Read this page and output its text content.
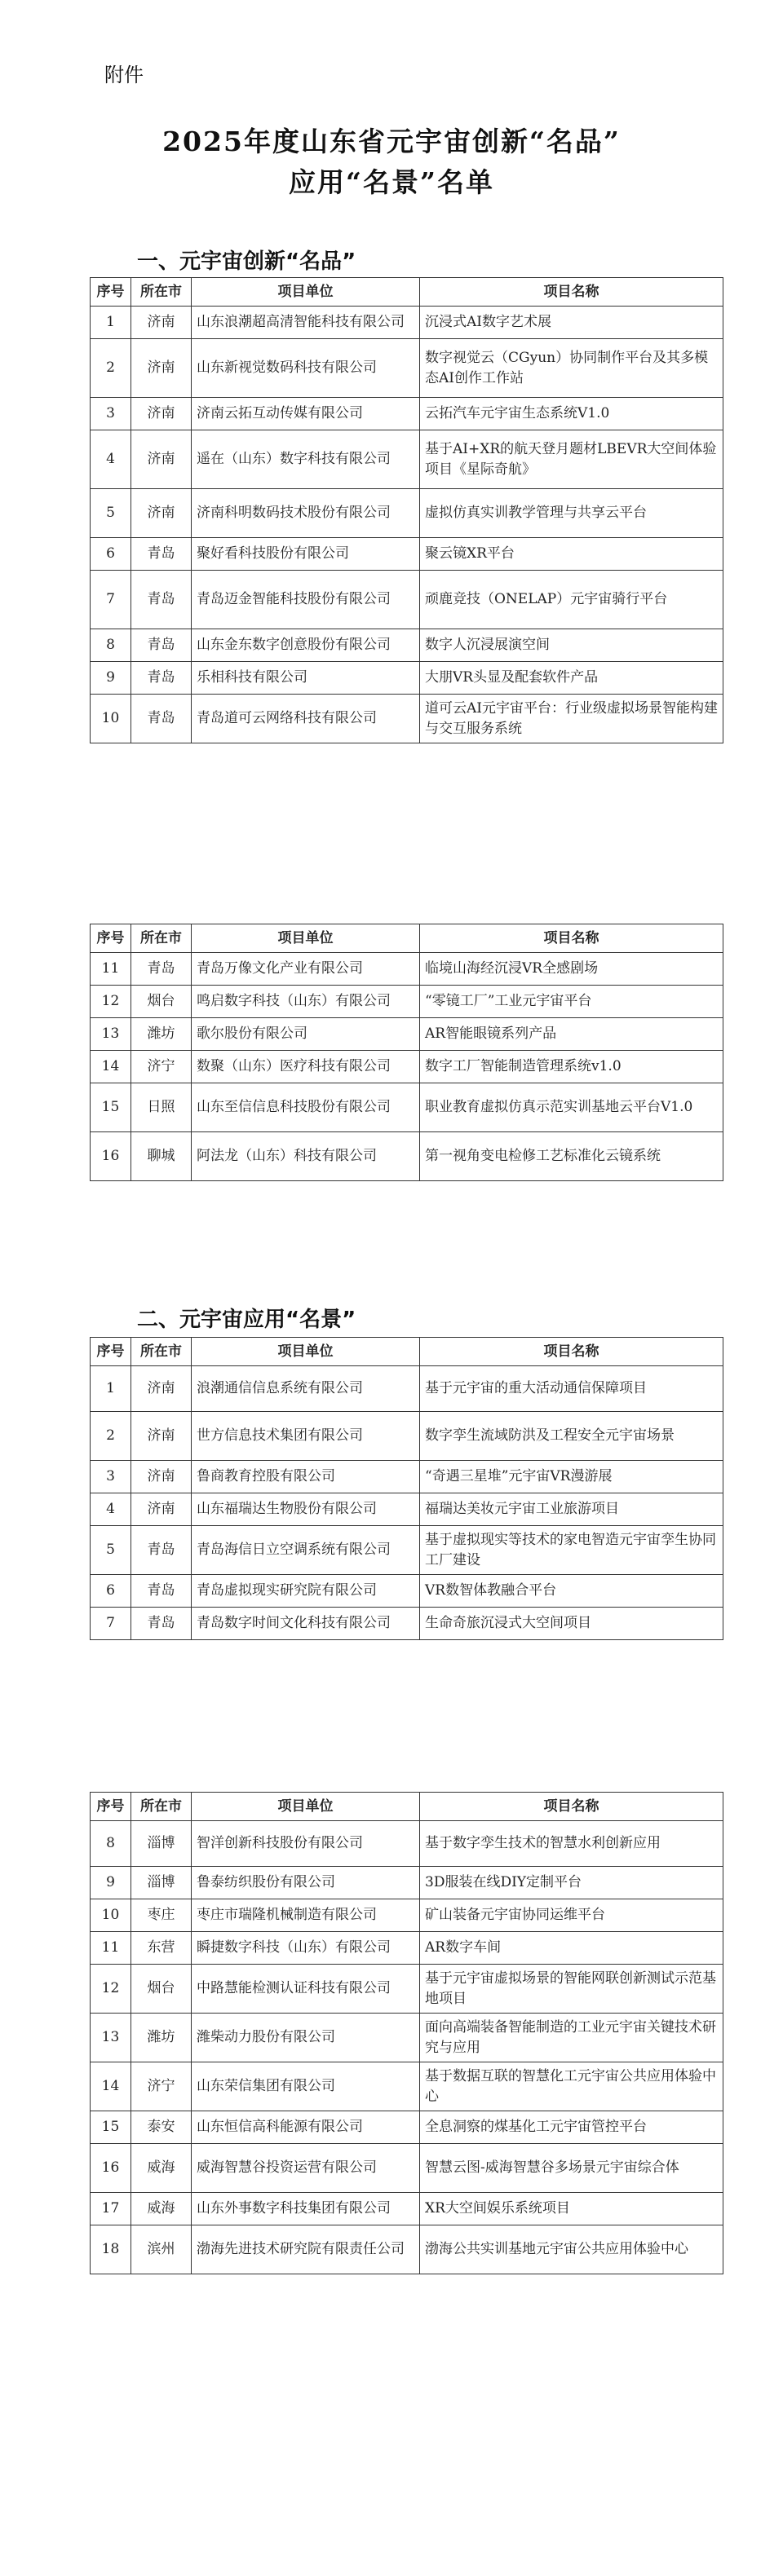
附件
2025年度山东省元宇宙创新“名品”
应用“名景”名单
一、元宇宙创新“名品”
序号	所在市	项目单位	项目名称
1	济南	山东浪潮超高清智能科技有限公司	沉浸式AI数字艺术展
2	济南	山东新视觉数码科技有限公司	数字视觉云（CGyun）协同制作平台及其多模态AI创作工作站
3	济南	济南云拓互动传媒有限公司	云拓汽车元宇宙生态系统V1.0
4	济南	遥在（山东）数字科技有限公司	基于AI+XR的航天登月题材LBEVR大空间体验项目《星际奇航》
5	济南	济南科明数码技术股份有限公司	虚拟仿真实训教学管理与共享云平台
6	青岛	聚好看科技股份有限公司	聚云镜XR平台
7	青岛	青岛迈金智能科技股份有限公司	顽鹿竞技（ONELAP）元宇宙骑行平台
8	青岛	山东金东数字创意股份有限公司	数字人沉浸展演空间
9	青岛	乐相科技有限公司	大朋VR头显及配套软件产品
10	青岛	青岛道可云网络科技有限公司	道可云AI元宇宙平台：行业级虚拟场景智能构建与交互服务系统
序号	所在市	项目单位	项目名称
11	青岛	青岛万像文化产业有限公司	临境山海经沉浸VR全感剧场
12	烟台	鸣启数字科技（山东）有限公司	“零镜工厂”工业元宇宙平台
13	潍坊	歌尔股份有限公司	AR智能眼镜系列产品
14	济宁	数聚（山东）医疗科技有限公司	数字工厂智能制造管理系统v1.0
15	日照	山东至信信息科技股份有限公司	职业教育虚拟仿真示范实训基地云平台V1.0
16	聊城	阿法龙（山东）科技有限公司	第一视角变电检修工艺标准化云镜系统
二、元宇宙应用“名景”
序号	所在市	项目单位	项目名称
1	济南	浪潮通信信息系统有限公司	基于元宇宙的重大活动通信保障项目
2	济南	世方信息技术集团有限公司	数字孪生流域防洪及工程安全元宇宙场景
3	济南	鲁商教育控股有限公司	“奇遇三星堆”元宇宙VR漫游展
4	济南	山东福瑞达生物股份有限公司	福瑞达美妆元宇宙工业旅游项目
5	青岛	青岛海信日立空调系统有限公司	基于虚拟现实等技术的家电智造元宇宙孪生协同工厂建设
6	青岛	青岛虚拟现实研究院有限公司	VR数智体教融合平台
7	青岛	青岛数字时间文化科技有限公司	生命奇旅沉浸式大空间项目
序号	所在市	项目单位	项目名称
8	淄博	智洋创新科技股份有限公司	基于数字孪生技术的智慧水利创新应用
9	淄博	鲁泰纺织股份有限公司	3D服装在线DIY定制平台
10	枣庄	枣庄市瑞隆机械制造有限公司	矿山装备元宇宙协同运维平台
11	东营	瞬捷数字科技（山东）有限公司	AR数字车间
12	烟台	中路慧能检测认证科技有限公司	基于元宇宙虚拟场景的智能网联创新测试示范基地项目
13	潍坊	潍柴动力股份有限公司	面向高端装备智能制造的工业元宇宙关键技术研究与应用
14	济宁	山东荣信集团有限公司	基于数据互联的智慧化工元宇宙公共应用体验中心
15	泰安	山东恒信高科能源有限公司	全息洞察的煤基化工元宇宙管控平台
16	威海	威海智慧谷投资运营有限公司	智慧云图-威海智慧谷多场景元宇宙综合体
17	威海	山东外事数字科技集团有限公司	XR大空间娱乐系统项目
18	滨州	渤海先进技术研究院有限责任公司	渤海公共实训基地元宇宙公共应用体验中心
